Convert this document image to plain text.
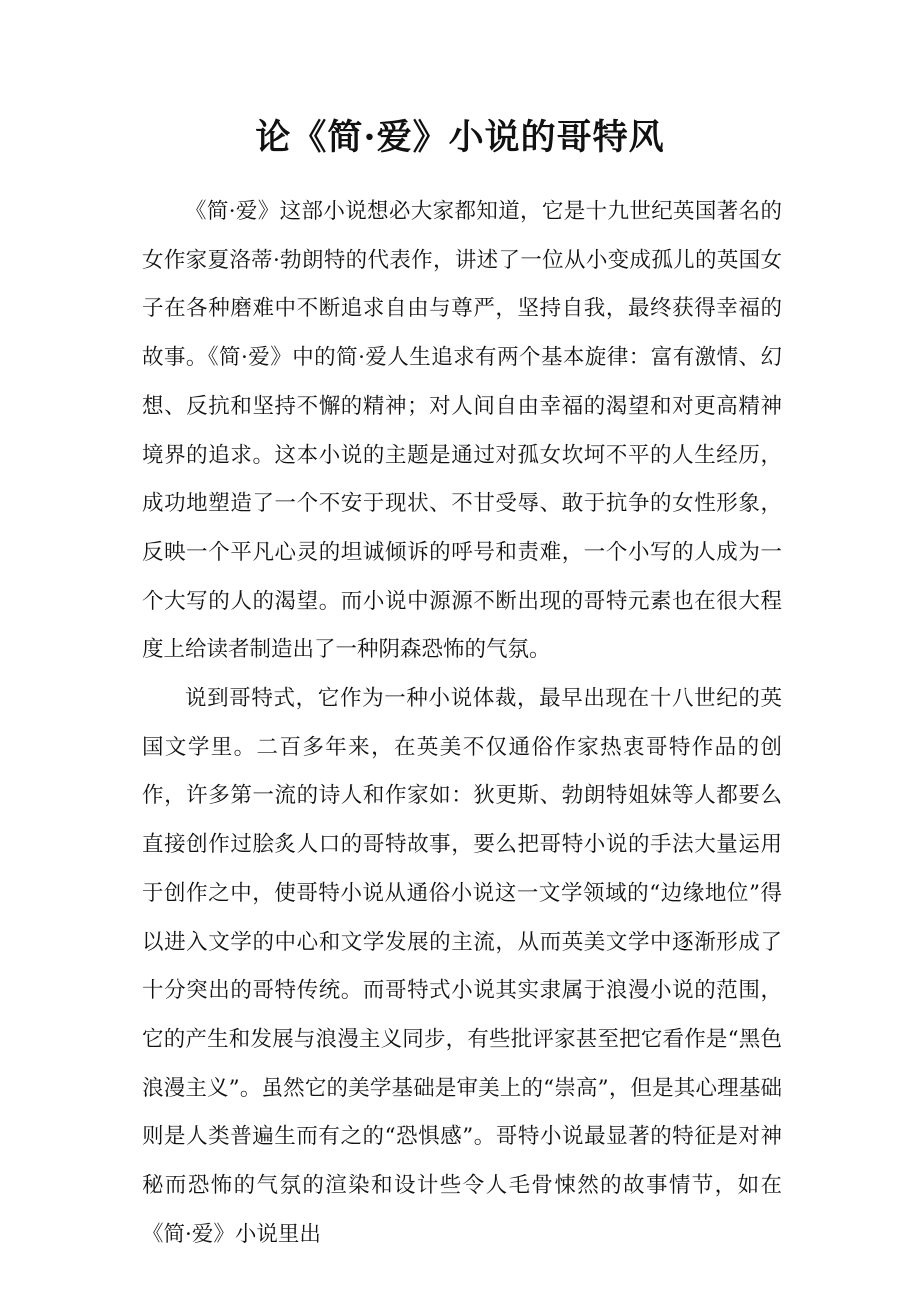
论《简·爱》小说的哥特风

《简·爱》这部小说想必大家都知道，它是十九世纪英国著名的女作家夏洛蒂·勃朗特的代表作，讲述了一位从小变成孤儿的英国女子在各种磨难中不断追求自由与尊严，坚持自我，最终获得幸福的故事。《简·爱》中的简·爱人生追求有两个基本旋律：富有激情、幻想、反抗和坚持不懈的精神；对人间自由幸福的渴望和对更高精神境界的追求。这本小说的主题是通过对孤女坎坷不平的人生经历，成功地塑造了一个不安于现状、不甘受辱、敢于抗争的女性形象，反映一个平凡心灵的坦诚倾诉的呼号和责难，一个小写的人成为一个大写的人的渴望。而小说中源源不断出现的哥特元素也在很大程度上给读者制造出了一种阴森恐怖的气氛。

说到哥特式，它作为一种小说体裁，最早出现在十八世纪的英国文学里。二百多年来，在英美不仅通俗作家热衷哥特作品的创作，许多第一流的诗人和作家如：狄更斯、勃朗特姐妹等人都要么直接创作过脍炙人口的哥特故事，要么把哥特小说的手法大量运用于创作之中，使哥特小说从通俗小说这一文学领域的“边缘地位”得以进入文学的中心和文学发展的主流，从而英美文学中逐渐形成了十分突出的哥特传统。而哥特式小说其实隶属于浪漫小说的范围，它的产生和发展与浪漫主义同步，有些批评家甚至把它看作是“黑色浪漫主义”。虽然它的美学基础是审美上的“崇高”，但是其心理基础则是人类普遍生而有之的“恐惧感”。哥特小说最显著的特征是对神秘而恐怖的气氛的渲染和设计些令人毛骨悚然的故事情节，如在《简·爱》小说里出
